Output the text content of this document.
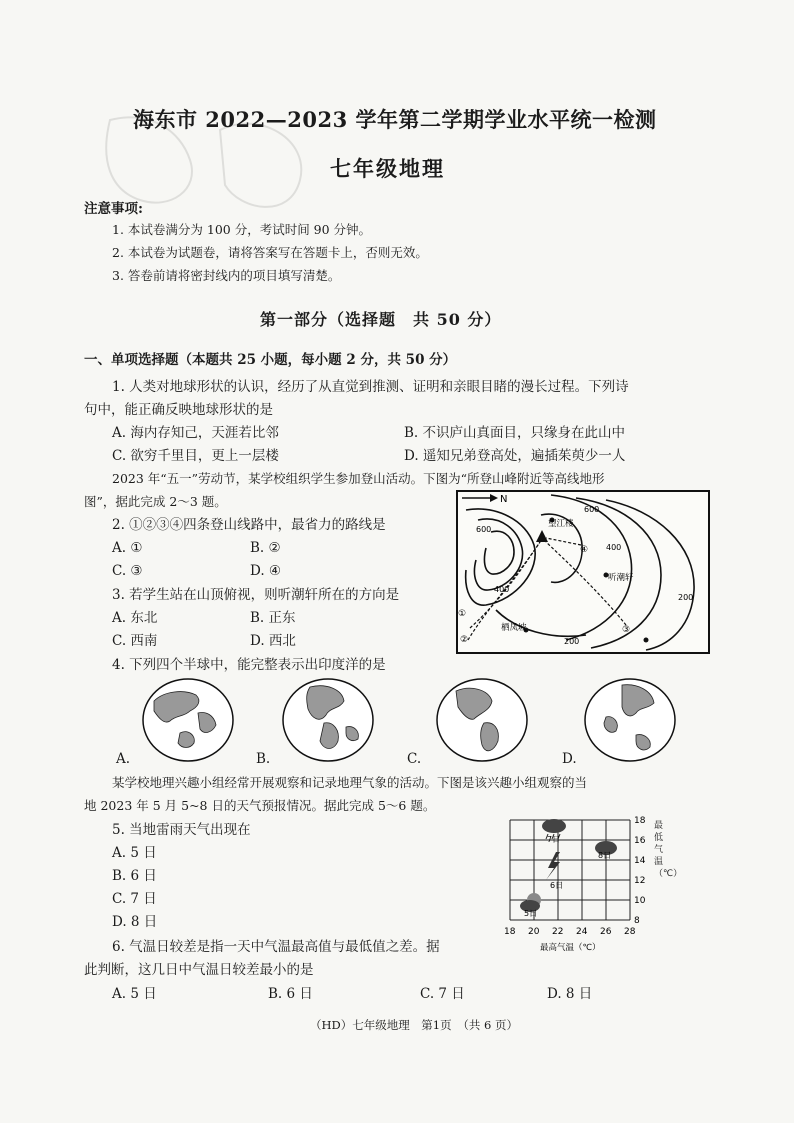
海东市 2022—2023 学年第二学期学业水平统一检测
七年级地理
注意事项:
1. 本试卷满分为 100 分，考试时间 90 分钟。
2. 本试卷为试题卷，请将答案写在答题卡上，否则无效。
3. 答卷前请将密封线内的项目填写清楚。
第一部分（选择题　共 50 分）
一、单项选择题（本题共 25 小题，每小题 2 分，共 50 分）
1. 人类对地球形状的认识，经历了从直觉到推测、证明和亲眼目睹的漫长过程。下列诗
句中，能正确反映地球形状的是
A. 海内存知己，天涯若比邻	B. 不识庐山真面目，只缘身在此山中
C. 欲穷千里目，更上一层楼	D. 遥知兄弟登高处，遍插茱萸少一人
2023 年“五一”劳动节，某学校组织学生参加登山活动。下图为“所登山峰附近等高线地形
图”，据此完成 2～3 题。
2. ①②③④四条登山线路中，最省力的路线是
A. ①	B. ②
C. ③	D. ④
3. 若学生站在山顶俯视，则听潮轩所在的方向是
A. 东北	B. 正东
C. 西南	D. 西北
N
望江楼
听潮轩
栖凤坡
600
600
400
400
200
200
①
②
③
④
4. 下列四个半球中，能完整表示出印度洋的是
A.	B.	C.	D.
某学校地理兴趣小组经常开展观察和记录地理气象的活动。下图是该兴趣小组观察的当
地 2023 年 5 月 5~8 日的天气预报情况。据此完成 5～6 题。
5. 当地雷雨天气出现在
A. 5 日
B. 6 日
C. 7 日
D. 8 日
7日
8日
6日
5日
18
16
14
12
10
8
18 20 22 24 26 28
最高气温（℃）
最低气温（℃）
6. 气温日较差是指一天中气温最高值与最低值之差。据
此判断，这几日中气温日较差最小的是
A. 5 日	B. 6 日	C. 7 日	D. 8 日
（HD）七年级地理　第1页　（共 6 页）
